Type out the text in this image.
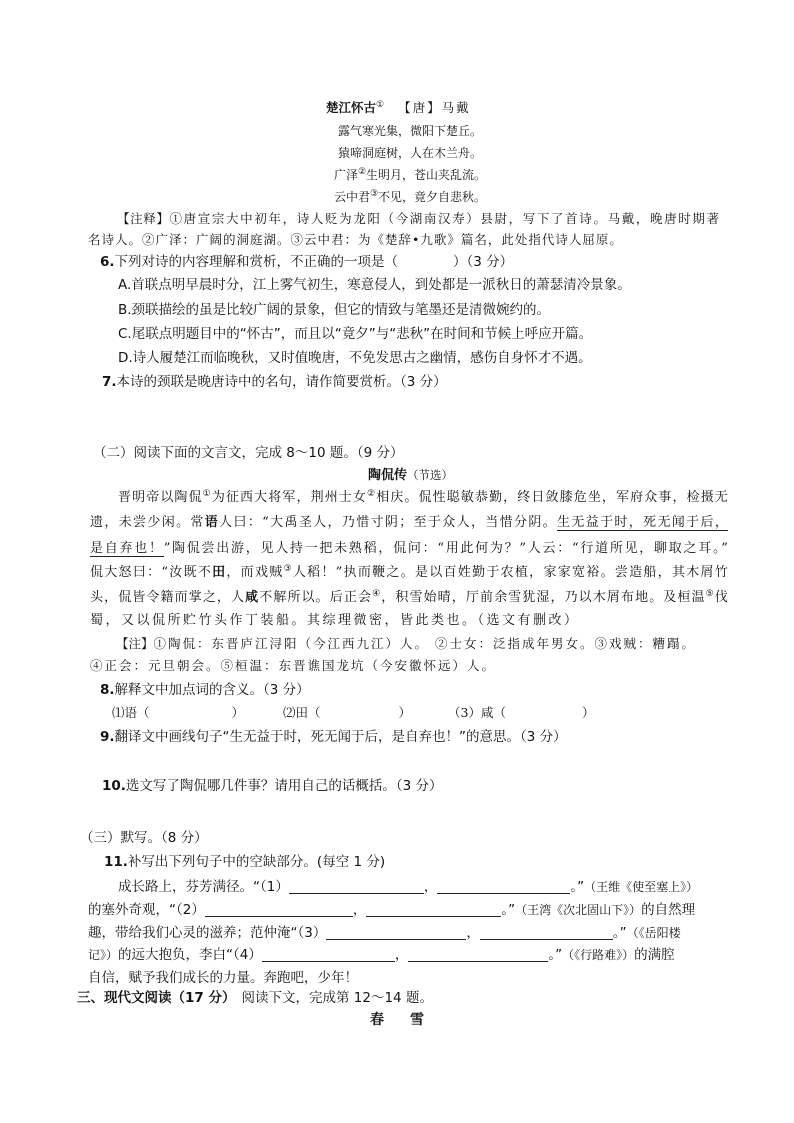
楚江怀古① 【唐】马戴
露气寒光集，微阳下楚丘。
猿啼洞庭树，人在木兰舟。
广泽②生明月，苍山夹乱流。
云中君③不见，竟夕自悲秋。
【注释】①唐宣宗大中初年，诗人贬为龙阳（今湖南汉寿）县尉，写下了首诗。马戴，晚唐时期著
名诗人。②广泽：广阔的洞庭湖。③云中君：为《楚辞•九歌》篇名，此处指代诗人屈原。
6.下列对诗的内容理解和赏析，不正确的一项是（	）（3 分）
A.首联点明早晨时分，江上雾气初生，寒意侵人，到处都是一派秋日的萧瑟清冷景象。
B.颈联描绘的虽是比较广阔的景象，但它的情致与笔墨还是清微婉约的。
C.尾联点明题目中的“怀古”，而且以“竟夕”与“悲秋”在时间和节候上呼应开篇。
D.诗人履楚江而临晚秋，又时值晚唐，不免发思古之幽情，感伤自身怀才不遇。
7.本诗的颈联是晚唐诗中的名句，请作简要赏析。（3 分）
（二）阅读下面的文言文，完成 8～10 题。（9 分）
陶侃传（节选）
晋明帝以陶侃①为征西大将军，荆州士女②相庆。侃性聪敏恭勤，终日敛膝危坐，军府众事，检摄无
遗，未尝少闲。常语人曰：“大禹圣人，乃惜寸阴；至于众人，当惜分阴。生无益于时，死无闻于后，
是自弃也！”陶侃尝出游，见人持一把未熟稻，侃问：“用此何为？”人云：“行道所见，聊取之耳。”
侃大怒曰：“汝既不田，而戏贼③人稻！”执而鞭之。是以百姓勤于农植，家家宽裕。尝造船，其木屑竹
头，侃皆令籍而掌之，人咸不解所以。后正会④，积雪始晴，厅前余雪犹湿，乃以木屑布地。及桓温⑤伐
蜀，又以侃所贮竹头作丁装船。其综理微密，皆此类也。（选文有删改）
【注】①陶侃：东晋庐江浔阳（今江西九江）人。 ②士女：泛指成年男女。③戏贼：糟蹋。
④正会：元旦朝会。⑤桓温：东晋谯国龙坑（今安徽怀远）人。
8.解释文中加点词的含义。（3 分）
⑴语（	）	⑵田（	）	（3）咸（	）
9.翻译文中画线句子“生无益于时，死无闻于后，是自弃也！”的意思。（3 分）
10.选文写了陶侃哪几件事？请用自己的话概括。（3 分）
（三）默写。（8 分）
11.补写出下列句子中的空缺部分。(每空 1 分)
成长路上，芬芳满径。“（1）	，	。”（王维《使至塞上》）
的塞外奇观，“（2）	，	。”（王湾《次北固山下》）的自然理
趣，带给我们心灵的滋养；范仲淹“（3）	，	。”（《岳阳楼
记》）的远大抱负，李白“（4）	，	。”（《行路难》）的满腔
自信，赋予我们成长的力量。奔跑吧，少年！
三、现代文阅读（17 分） 阅读下文，完成第 12～14 题。
春　雪
